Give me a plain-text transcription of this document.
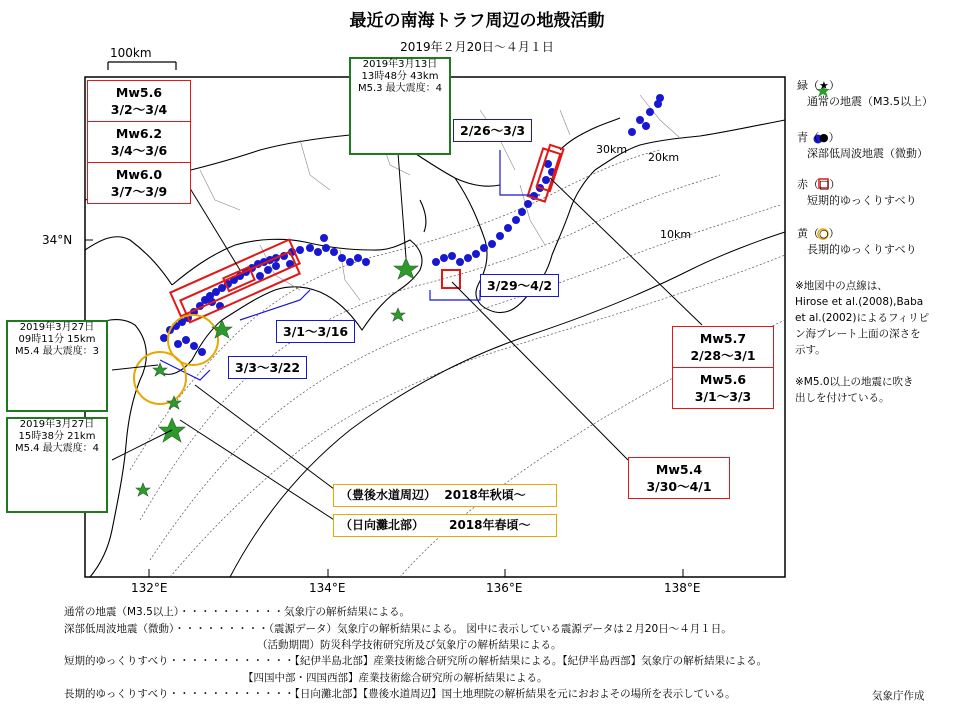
最近の南海トラフ周辺の地殻活動
2019年２月20日～４月１日
100km
34°N
132°E	134°E	136°E	138°E
30km
20km
10km
Mw5.6
3/2～3/4
Mw6.2
3/4～3/6
Mw6.0
3/7～3/9
Mw5.7
2/28～3/1
Mw5.6
3/1～3/3
Mw5.4
3/30～4/1
2/26～3/3
3/29～4/2
3/1～3/16
3/3～3/22
（豊後水道周辺） 2018年秋頃～
（日向灘北部） 2018年春頃～
2019年3月13日
13時48分 43km
M5.3 最大震度：4
2019年3月27日
09時11分 15km
M5.4 最大震度：3
2019年3月27日
15時38分 21km
M5.4 最大震度：4
緑（★）
通常の地震（M3.5以上）
青（●）
深部低周波地震（微動）
赤（□）
短期的ゆっくりすべり
黄（○）
長期的ゆっくりすべり
※地図中の点線は、
Hirose et al.(2008),Baba
et al.(2002)によるフィリピ
ン海プレート上面の深さを
示す。
※M5.0以上の地震に吹き
出しを付けている。
通常の地震（M3.5以上）・・・・・・・・・・気象庁の解析結果による。
深部低周波地震（微動）・・・・・・・・・（震源データ）気象庁の解析結果による。 図中に表示している震源データは２月20日～４月１日。
（活動期間）防災科学技術研究所及び気象庁の解析結果による。
短期的ゆっくりすべり・・・・・・・・・・・・【紀伊半島北部】産業技術総合研究所の解析結果による。【紀伊半島西部】気象庁の解析結果による。
【四国中部・四国西部】産業技術総合研究所の解析結果による。
長期的ゆっくりすべり・・・・・・・・・・・・【日向灘北部】【豊後水道周辺】国土地理院の解析結果を元におおよその場所を表示している。	気象庁作成
